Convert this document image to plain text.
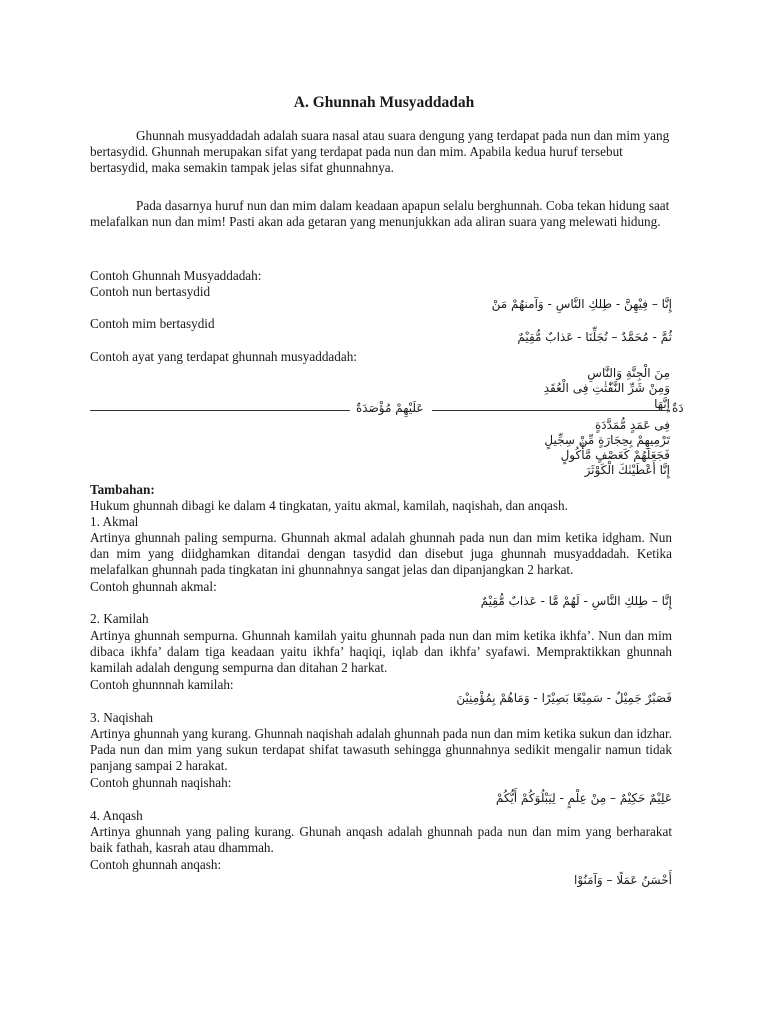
A. Ghunnah Musyaddadah

Ghunnah musyaddadah adalah suara nasal atau suara dengung yang terdapat pada nun dan mim yang bertasydid. Ghunnah merupakan sifat yang terdapat pada nun dan mim. Apabila kedua huruf tersebut bertasydid, maka semakin tampak jelas sifat ghunnahnya.

Pada dasarnya huruf nun dan mim dalam keadaan apapun selalu berghunnah. Coba tekan hidung saat melafalkan nun dan mim! Pasti akan ada getaran yang menunjukkan ada aliran suara yang melewati hidung.

Contoh Ghunnah Musyaddadah:
Contoh nun bertasydid
إِنَّا – فِيْهِنَّ - طِلكِ النَّاسِ - وَآمنهُمْ مَنْ
Contoh mim bertasydid
ثُمَّ - مُحَمَّدٌ – نُجَلِّنَا - عَذابٌ مُّقِيْمٌ
Contoh ayat yang terdapat ghunnah musyaddadah:
مِنَ الْجِنَّةِ وَالنَّاسِ
وَمِنْ شَرِّ النَّفّٰثٰتِ فِى الْعُقَدِ
إِنَّهَا
عَلَيْهِمْ مُؤْصَدَةٌ	دَةٌ
فِى عَمَدٍ مُّمَدَّدَةٍ
تَرْمِيهِمْ بِحِجَارَةٍ مِّنْ سِجِّيلٍ
فَجَعَلَهُمْ كَعَصْفٍ مَّأْكُولٍ
إِنَّا أَعْطَيْنٰكَ الْكَوْثَرَ
Tambahan:
Hukum ghunnah dibagi ke dalam 4 tingkatan, yaitu akmal, kamilah, naqishah, dan anqash.
1. Akmal
Artinya ghunnah paling sempurna. Ghunnah akmal adalah ghunnah pada nun dan mim ketika idgham. Nun dan mim yang diidghamkan ditandai dengan tasydid dan disebut juga ghunnah musyaddadah. Ketika melafalkan ghunnah pada tingkatan ini ghunnahnya sangat jelas dan dipanjangkan 2 harkat.
Contoh ghunnah akmal:
إِنَّا – طِلكِ النَّاسِ - لَهُمْ مَّا - عَذابٌ مُّقِيْمٌ
2. Kamilah
Artinya ghunnah sempurna. Ghunnah kamilah yaitu ghunnah pada nun dan mim ketika ikhfa’. Nun dan mim dibaca ikhfa’ dalam tiga keadaan yaitu ikhfa’ haqiqi, iqlab dan ikhfa’ syafawi. Mempraktikkan ghunnah kamilah adalah dengung sempurna dan ditahan 2 harkat.
Contoh ghunnnah kamilah:
فَصَبْرٌ جَمِيْلٌ - سَمِيْعًا بَصِيْرًا - وَمَاهُمْ بِمُؤْمِنِيْنَ
3. Naqishah
Artinya ghunnah yang kurang. Ghunnah naqishah adalah ghunnah pada nun dan mim ketika sukun dan idzhar. Pada nun dan mim yang sukun terdapat shifat tawasuth sehingga ghunnahnya sedikit mengalir namun tidak panjang sampai 2 harakat.
Contoh ghunnah naqishah:
عَلِيْمٌ حَكِيْمٌ – مِنْ عِلْمٍ - لِيَبْلُوَكُمْ أَيُّكُمْ
4. Anqash
Artinya ghunnah yang paling kurang. Ghunah anqash adalah ghunnah pada nun dan mim yang berharakat baik fathah, kasrah atau dhammah.
Contoh ghunnah anqash:
أَحْسَنُ عَمَلًا – وَآمَنُوْا
